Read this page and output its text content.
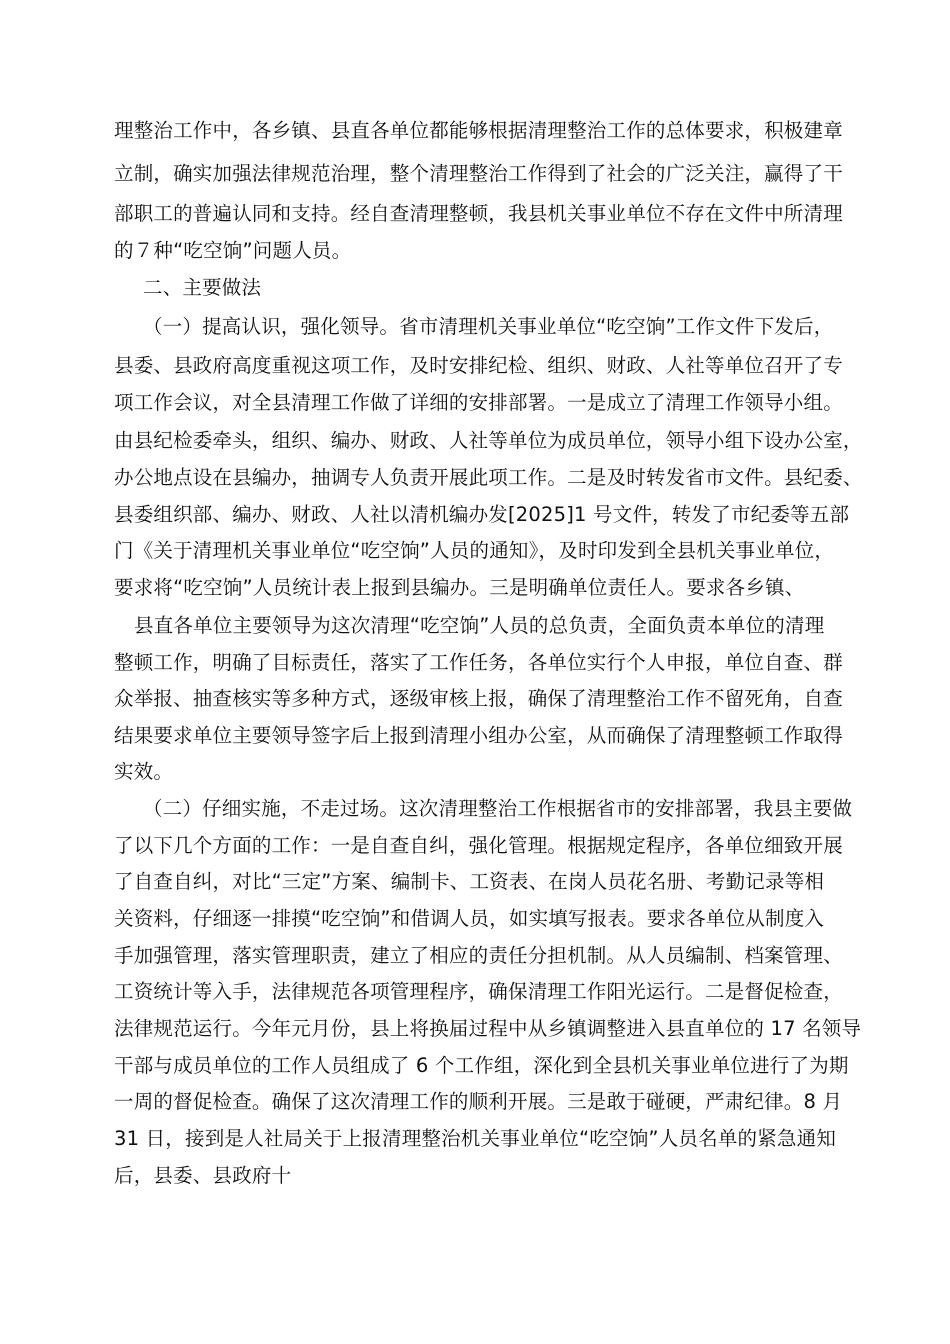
理整治工作中，各乡镇、县直各单位都能够根据清理整治工作的总体要求，积极建章
立制，确实加强法律规范治理，整个清理整治工作得到了社会的广泛关注，赢得了干
部职工的普遍认同和支持。经自查清理整顿，我县机关事业单位不存在文件中所清理
的７种“吃空饷”问题人员。
二、主要做法
（一）提高认识，强化领导。省市清理机关事业单位“吃空饷”工作文件下发后，
县委、县政府高度重视这项工作，及时安排纪检、组织、财政、人社等单位召开了专
项工作会议，对全县清理工作做了详细的安排部署。一是成立了清理工作领导小组。
由县纪检委牵头，组织、编办、财政、人社等单位为成员单位，领导小组下设办公室，
办公地点设在县编办，抽调专人负责开展此项工作。二是及时转发省市文件。县纪委、
县委组织部、编办、财政、人社以清机编办发[2025]1 号文件，转发了市纪委等五部
门《关于清理机关事业单位“吃空饷”人员的通知》，及时印发到全县机关事业单位，
要求将“吃空饷”人员统计表上报到县编办。三是明确单位责任人。要求各乡镇、
县直各单位主要领导为这次清理“吃空饷”人员的总负责，全面负责本单位的清理
整顿工作，明确了目标责任，落实了工作任务，各单位实行个人申报，单位自查、群
众举报、抽查核实等多种方式，逐级审核上报，确保了清理整治工作不留死角，自查
结果要求单位主要领导签字后上报到清理小组办公室，从而确保了清理整顿工作取得
实效。
（二）仔细实施，不走过场。这次清理整治工作根据省市的安排部署，我县主要做
了以下几个方面的工作：一是自查自纠，强化管理。根据规定程序，各单位细致开展
了自查自纠，对比“三定”方案、编制卡、工资表、在岗人员花名册、考勤记录等相
关资料，仔细逐一排摸“吃空饷”和借调人员，如实填写报表。要求各单位从制度入
手加强管理，落实管理职责，建立了相应的责任分担机制。从人员编制、档案管理、
工资统计等入手，法律规范各项管理程序，确保清理工作阳光运行。二是督促检查，
法律规范运行。今年元月份，县上将换届过程中从乡镇调整进入县直单位的 17 名领导
干部与成员单位的工作人员组成了 6 个工作组，深化到全县机关事业单位进行了为期
一周的督促检查。确保了这次清理工作的顺利开展。三是敢于碰硬，严肃纪律。8 月
31 日，接到是人社局关于上报清理整治机关事业单位“吃空饷”人员名单的紧急通知
后，县委、县政府十
